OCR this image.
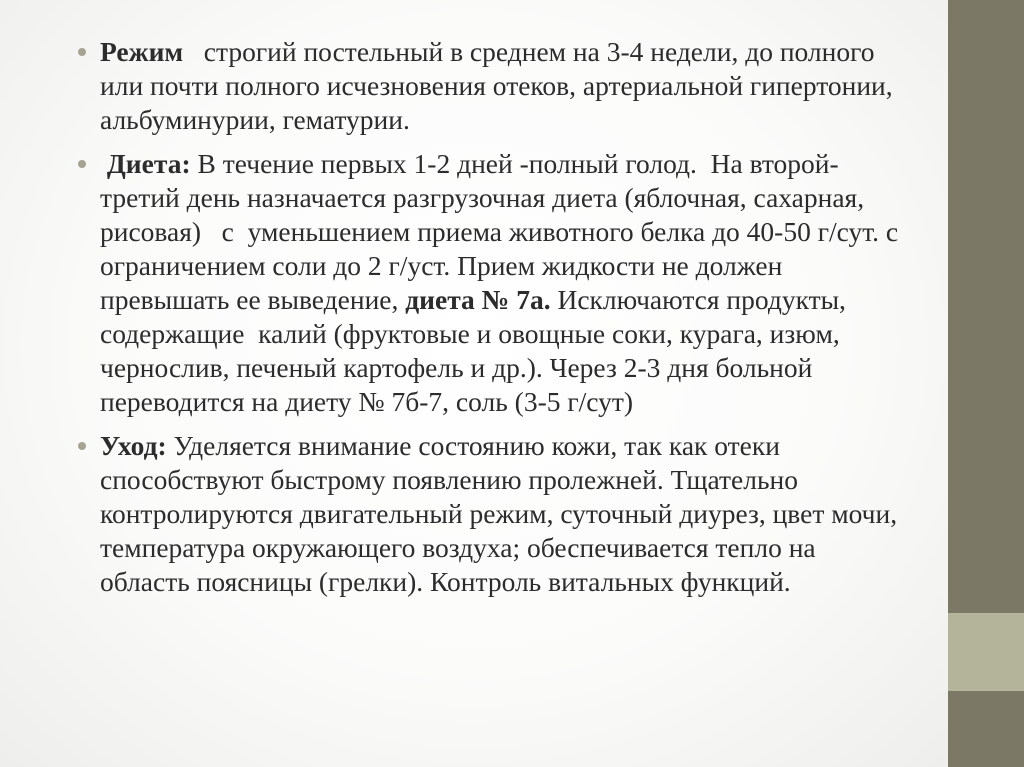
Режим   строгий постельный в среднем на 3-4 недели, до полного или почти полного исчезновения отеков, артериальной гипертонии, альбуминурии, гематурии.
Диета: В течение первых 1-2 дней -полный голод.  На второй-третий день назначается разгрузочная диета (яблочная, сахарная, рисовая)   с  уменьшением приема животного белка до 40-50 г/сут. с ограничением соли до 2 г/уст. Прием жидкости не должен превышать ее выведение, диета № 7а. Исключаются продукты, содержащие  калий (фруктовые и овощные соки, курага, изюм, чернослив, печеный картофель и др.). Через 2-3 дня больной переводится на диету № 7б-7, соль (3-5 г/сут)
Уход: Уделяется внимание состоянию кожи, так как отеки способствуют быстрому появлению пролежней. Тщательно контролируются двигательный режим, суточный диурез, цвет мочи, температура окружающего воздуха; обеспечивается тепло на область поясницы (грелки). Контроль витальных функций.
